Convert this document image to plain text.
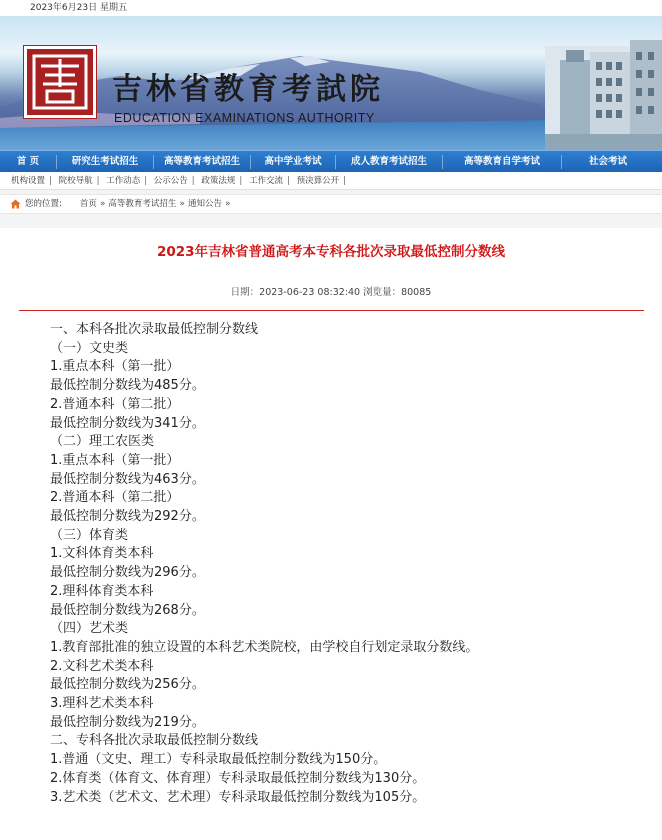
2023年6月23日 星期五
吉林省教育考試院
EDUCATION EXAMINATIONS AUTHORITY
首 页	研究生考试招生	高等教育考试招生	高中学业考试	成人教育考试招生	高等教育自学考试	社会考试
机构设置 | 院校导航 | 工作动态 | 公示公告 | 政策法规 | 工作交流 | 预决算公开 |
您的位置: 首页 » 高等教育考试招生 » 通知公告 »
2023年吉林省普通高考本专科各批次录取最低控制分数线
日期：2023-06-23 08:32:40 浏览量：80085
一、本科各批次录取最低控制分数线
（一）文史类
1.重点本科（第一批）
最低控制分数线为485分。
2.普通本科（第二批）
最低控制分数线为341分。
（二）理工农医类
1.重点本科（第一批）
最低控制分数线为463分。
2.普通本科（第二批）
最低控制分数线为292分。
（三）体育类
1.文科体育类本科
最低控制分数线为296分。
2.理科体育类本科
最低控制分数线为268分。
（四）艺术类
1.教育部批准的独立设置的本科艺术类院校，由学校自行划定录取分数线。
2.文科艺术类本科
最低控制分数线为256分。
3.理科艺术类本科
最低控制分数线为219分。
二、专科各批次录取最低控制分数线
1.普通（文史、理工）专科录取最低控制分数线为150分。
2.体育类（体育文、体育理）专科录取最低控制分数线为130分。
3.艺术类（艺术文、艺术理）专科录取最低控制分数线为105分。
